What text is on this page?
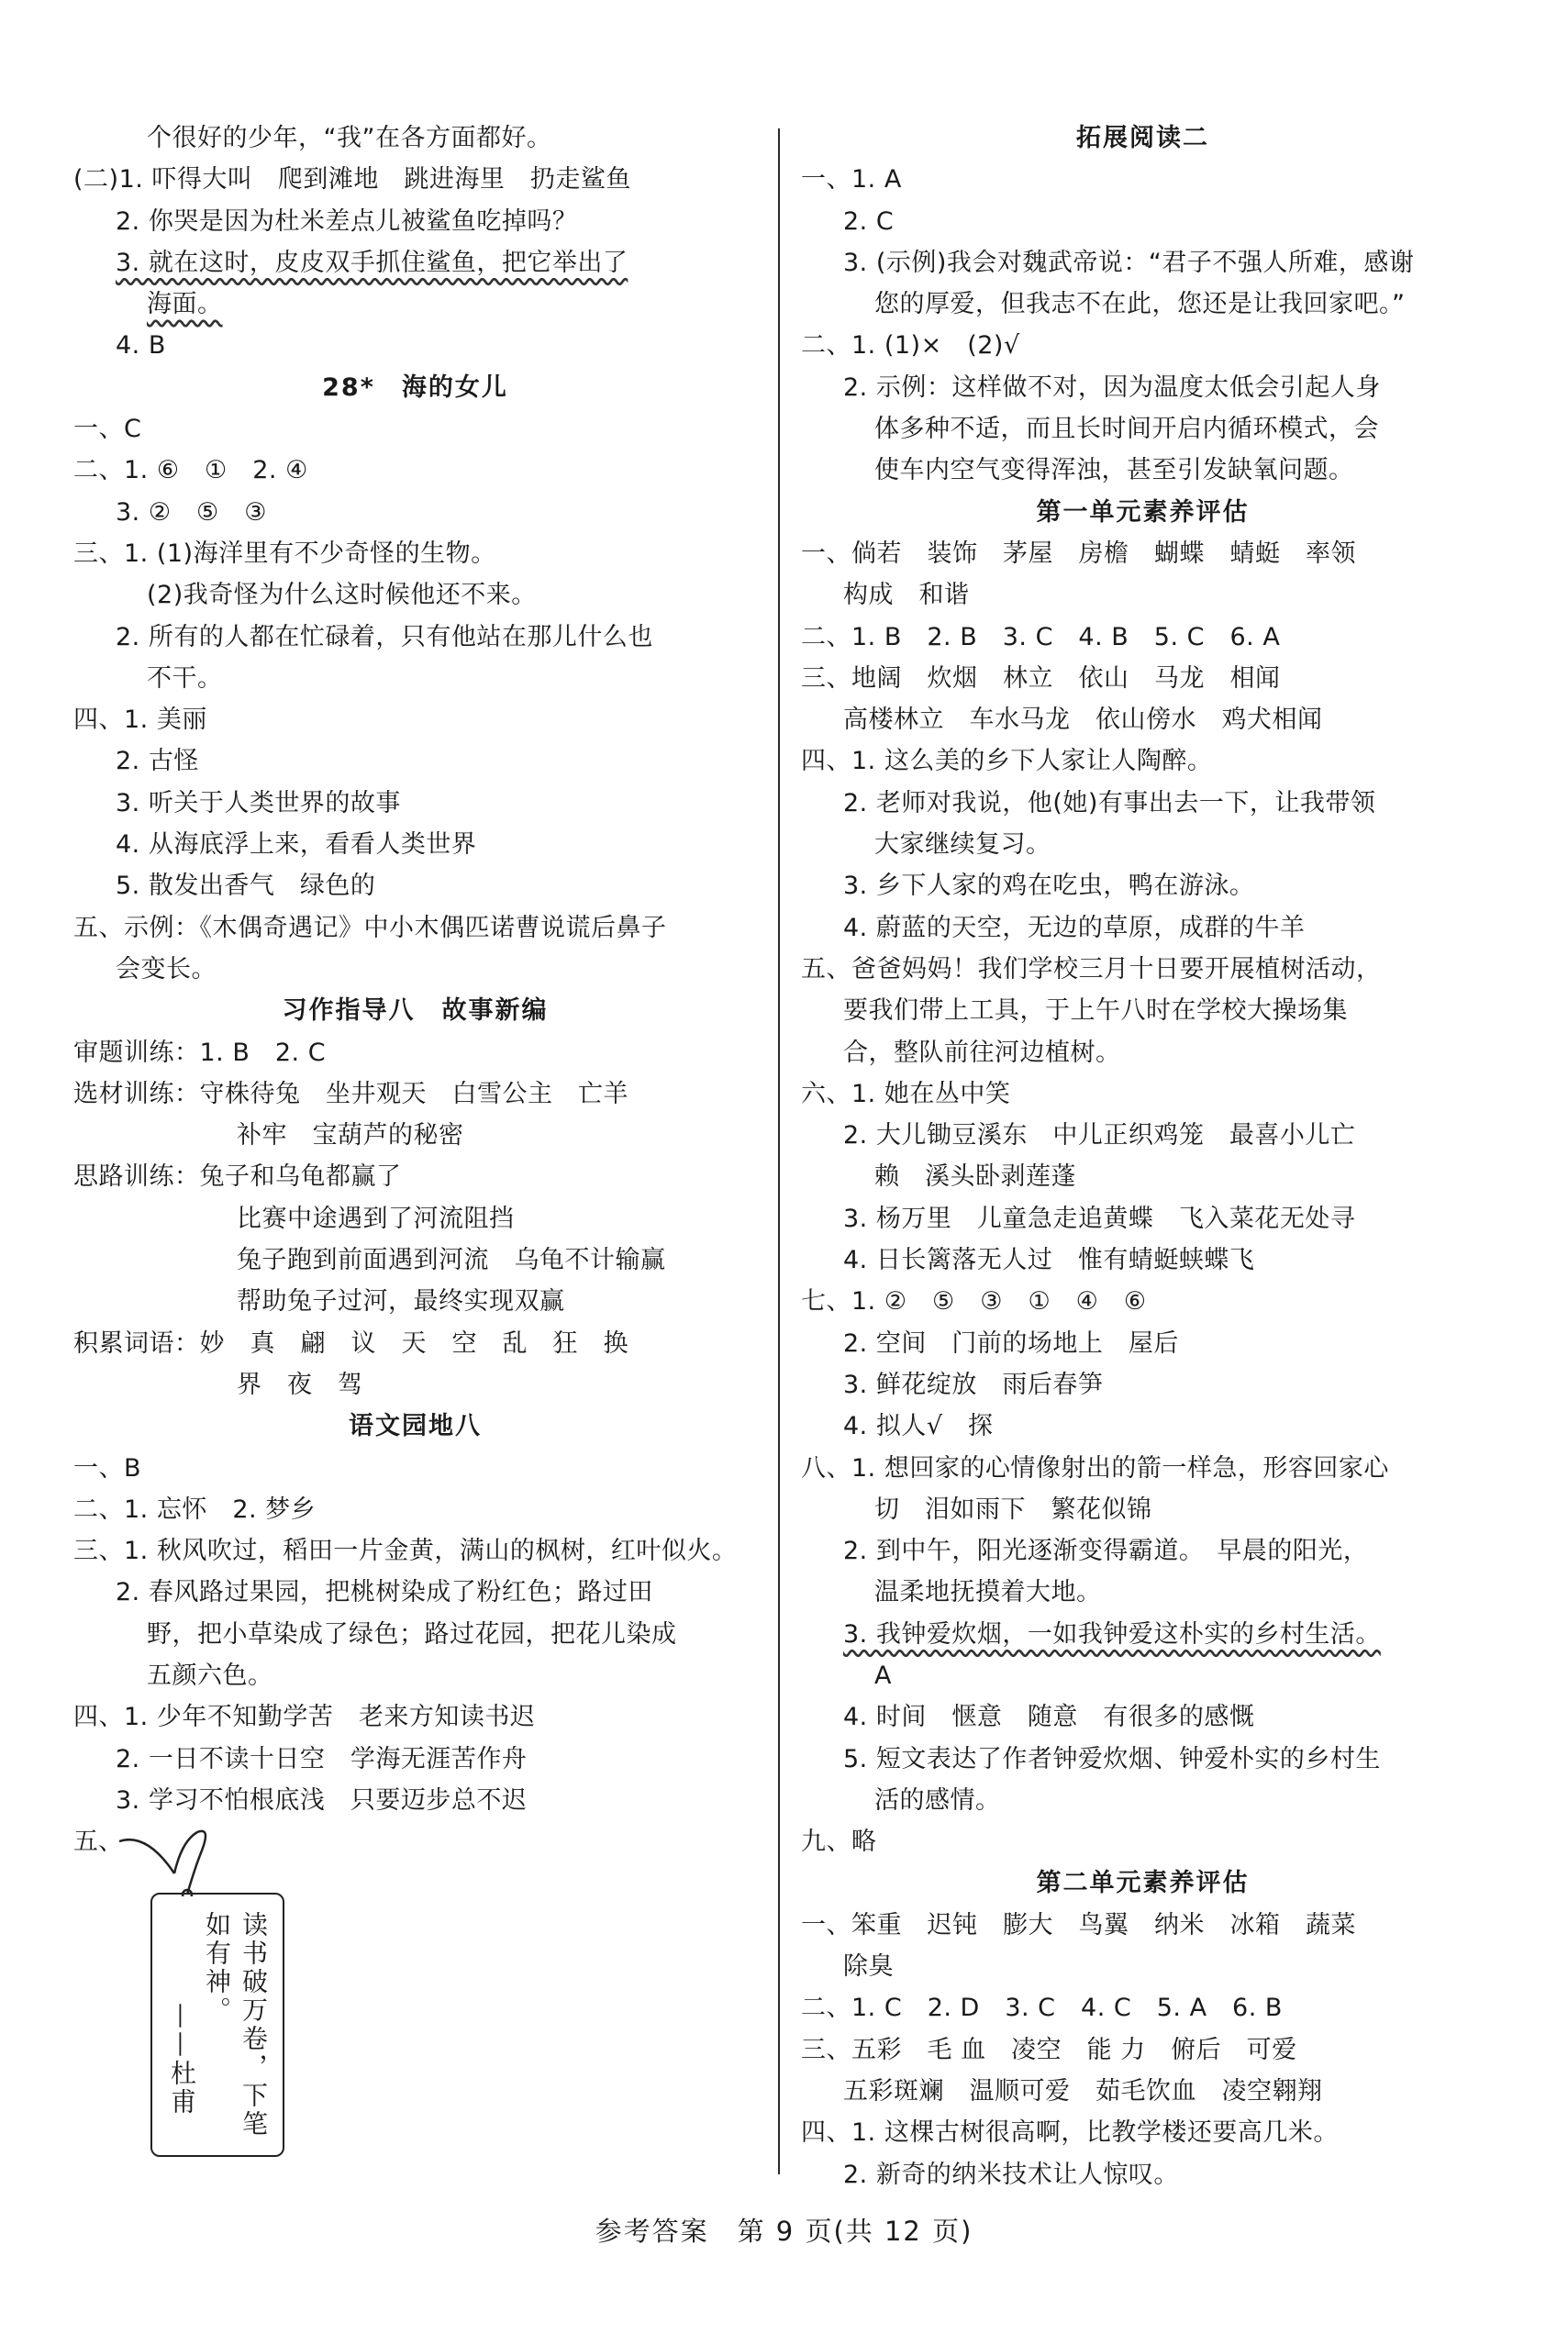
个很好的少年，“我”在各方面都好。
(二)1. 吓得大叫　爬到滩地　跳进海里　扔走鲨鱼
2. 你哭是因为杜米差点儿被鲨鱼吃掉吗？
3. 就在这时，皮皮双手抓住鲨鱼，把它举出了
海面。
4. B
28*　海的女儿
一、C
二、1. ⑥　①　2. ④
3. ②　⑤　③
三、1. (1)海洋里有不少奇怪的生物。
(2)我奇怪为什么这时候他还不来。
2. 所有的人都在忙碌着，只有他站在那儿什么也
不干。
四、1. 美丽
2. 古怪
3. 听关于人类世界的故事
4. 从海底浮上来，看看人类世界
5. 散发出香气　绿色的
五、示例：《木偶奇遇记》中小木偶匹诺曹说谎后鼻子
会变长。
习作指导八　故事新编
审题训练：1. B　2. C
选材训练：守株待兔　坐井观天　白雪公主　亡羊
补牢　宝葫芦的秘密
思路训练：兔子和乌龟都赢了
比赛中途遇到了河流阻挡
兔子跑到前面遇到河流　乌龟不计输赢
帮助兔子过河，最终实现双赢
积累词语：妙　真　翩　议　天　空　乱　狂　换
界　夜　驾
语文园地八
一、B
二、1. 忘怀　2. 梦乡
三、1. 秋风吹过，稻田一片金黄，满山的枫树，红叶似火。
2. 春风路过果园，把桃树染成了粉红色；路过田
野，把小草染成了绿色；路过花园，把花儿染成
五颜六色。
四、1. 少年不知勤学苦　老来方知读书迟
2. 一日不读十日空　学海无涯苦作舟
3. 学习不怕根底浅　只要迈步总不迟
五、
读书破万卷，下笔如有神。
——杜甫
拓展阅读二
一、1. A
2. C
3. (示例)我会对魏武帝说：“君子不强人所难，感谢
您的厚爱，但我志不在此，您还是让我回家吧。”
二、1. (1)×　(2)√
2. 示例：这样做不对，因为温度太低会引起人身
体多种不适，而且长时间开启内循环模式，会
使车内空气变得浑浊，甚至引发缺氧问题。
第一单元素养评估
一、倘若　装饰　茅屋　房檐　蝴蝶　蜻蜓　率领
构成　和谐
二、1. B　2. B　3. C　4. B　5. C　6. A
三、地阔　炊烟　林立　依山　马龙　相闻
高楼林立　车水马龙　依山傍水　鸡犬相闻
四、1. 这么美的乡下人家让人陶醉。
2. 老师对我说，他(她)有事出去一下，让我带领
大家继续复习。
3. 乡下人家的鸡在吃虫，鸭在游泳。
4. 蔚蓝的天空，无边的草原，成群的牛羊
五、爸爸妈妈！我们学校三月十日要开展植树活动，
要我们带上工具，于上午八时在学校大操场集
合，整队前往河边植树。
六、1. 她在丛中笑
2. 大儿锄豆溪东　中儿正织鸡笼　最喜小儿亡
赖　溪头卧剥莲蓬
3. 杨万里　儿童急走追黄蝶　飞入菜花无处寻
4. 日长篱落无人过　惟有蜻蜓蛱蝶飞
七、1. ②　⑤　③　①　④　⑥
2. 空间　门前的场地上　屋后
3. 鲜花绽放　雨后春笋
4. 拟人√　探
八、1. 想回家的心情像射出的箭一样急，形容回家心
切　泪如雨下　繁花似锦
2. 到中午，阳光逐渐变得霸道。　早晨的阳光，
温柔地抚摸着大地。
3. 我钟爱炊烟，一如我钟爱这朴实的乡村生活。
A
4. 时间　惬意　随意　有很多的感慨
5. 短文表达了作者钟爱炊烟、钟爱朴实的乡村生
活的感情。
九、略
第二单元素养评估
一、笨重　迟钝　膨大　鸟翼　纳米　冰箱　蔬菜
除臭
二、1. C　2. D　3. C　4. C　5. A　6. B
三、五彩　毛 血　凌空　能 力　俯后　可爱
五彩斑斓　温顺可爱　茹毛饮血　凌空翱翔
四、1. 这棵古树很高啊，比教学楼还要高几米。
2. 新奇的纳米技术让人惊叹。
参考答案　第 9 页(共 12 页)
